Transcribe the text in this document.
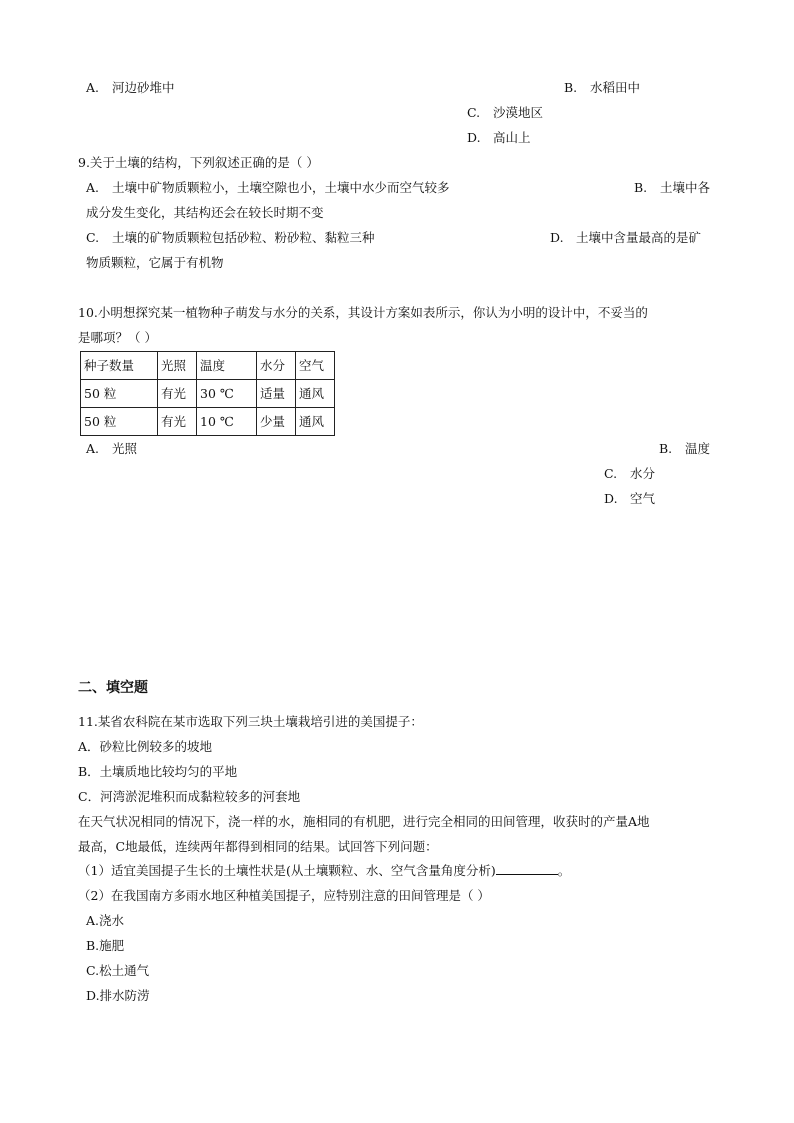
A. 河边砂堆中	B. 水稻田中
C. 沙漠地区
D. 高山上
9.关于土壤的结构，下列叙述正确的是（ ）
A. 土壤中矿物质颗粒小，土壤空隙也小，土壤中水少而空气较多	B. 土壤中各
成分发生变化，其结构还会在较长时期不变
C. 土壤的矿物质颗粒包括砂粒、粉砂粒、黏粒三种	D. 土壤中含量最高的是矿
物质颗粒，它属于有机物
10.小明想探究某一植物种子萌发与水分的关系，其设计方案如表所示，你认为小明的设计中，不妥当的
是哪项？（ ）
种子数量	光照	温度	水分	空气
50 粒	有光	30 ℃	适量	通风
50 粒	有光	10 ℃	少量	通风
A. 光照	B. 温度
C. 水分
D. 空气
二、填空题
11.某省农科院在某市选取下列三块土壤栽培引进的美国提子：
A．砂粒比例较多的坡地
B．土壤质地比较均匀的平地
C．河湾淤泥堆积而成黏粒较多的河套地
在天气状况相同的情况下，浇一样的水，施相同的有机肥，进行完全相同的田间管理，收获时的产量A地
最高，C地最低，连续两年都得到相同的结果。试回答下列问题：
（1）适宜美国提子生长的土壤性状是(从土壤颗粒、水、空气含量角度分析)	。
（2）在我国南方多雨水地区种植美国提子，应特别注意的田间管理是（ ）
A.浇水
B.施肥
C.松土通气
D.排水防涝
